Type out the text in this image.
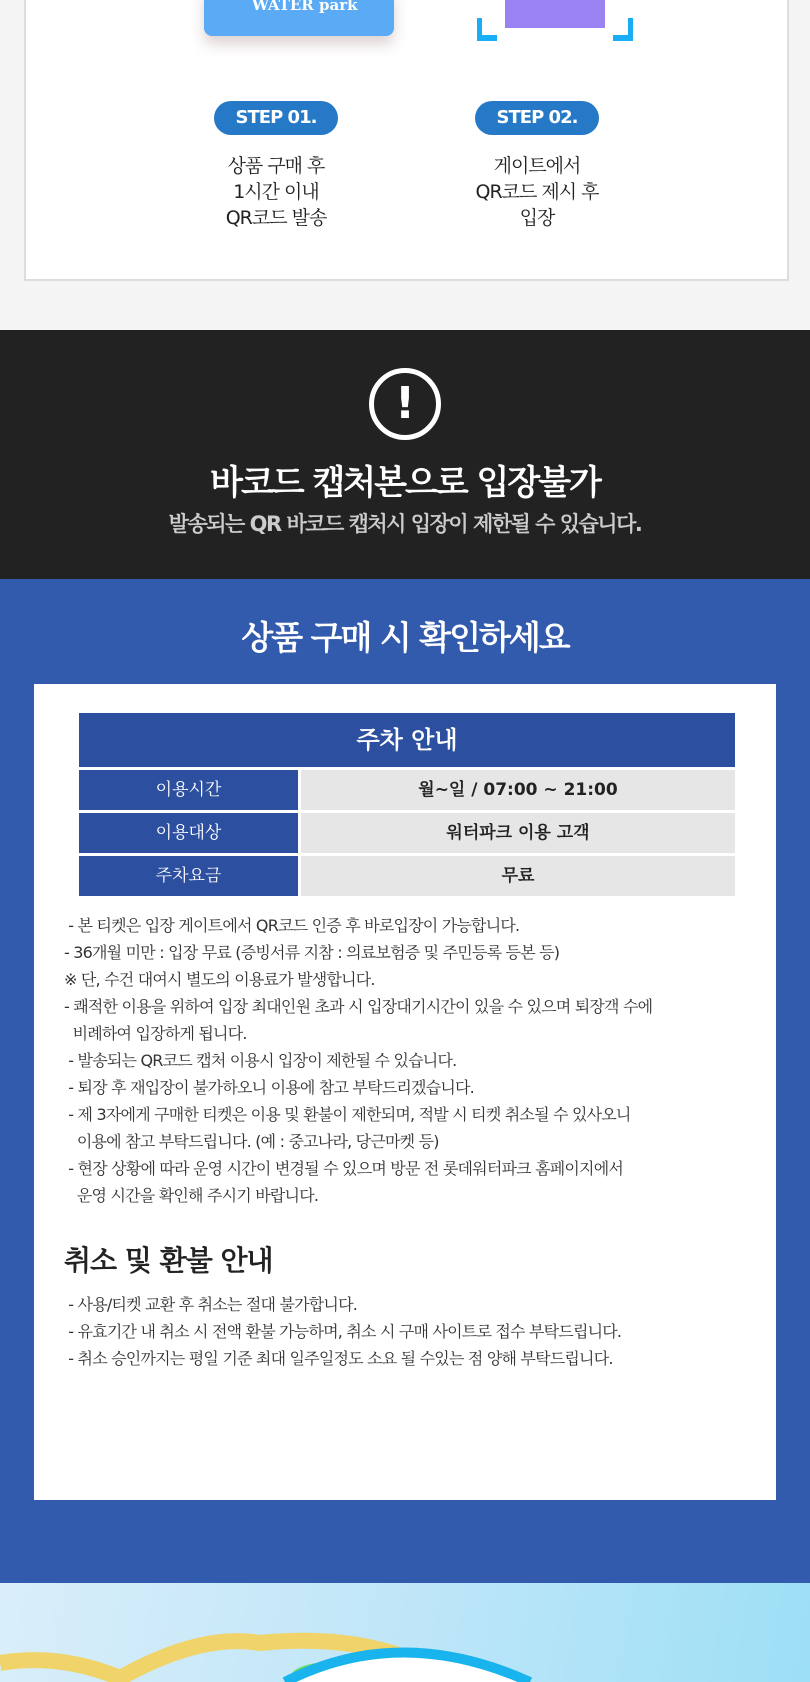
WATER park
STEP 01.
상품 구매 후
1시간 이내
QR코드 발송
STEP 02.
게이트에서
QR코드 제시 후
입장
!
바코드 캡처본으로 입장불가

발송되는 QR 바코드 캡처시 입장이 제한될 수 있습니다.

상품 구매 시 확인하세요
주차 안내
이용시간	월~일 / 07:00 ~ 21:00
이용대상	워터파크 이용 고객
주차요금	무료
- 본 티켓은 입장 게이트에서 QR코드 인증 후 바로입장이 가능합니다.
- 36개월 미만 : 입장 무료 (증빙서류 지참 : 의료보험증 및 주민등록 등본 등)
※ 단, 수건 대여시 별도의 이용료가 발생합니다.
- 쾌적한 이용을 위하여 입장 최대인원 초과 시 입장대기시간이 있을 수 있으며 퇴장객 수에
비례하여 입장하게 됩니다.
- 발송되는 QR코드 캡처 이용시 입장이 제한될 수 있습니다.
- 퇴장 후 재입장이 불가하오니 이용에 참고 부탁드리겠습니다.
- 제 3자에게 구매한 티켓은 이용 및 환불이 제한되며, 적발 시 티켓 취소될 수 있사오니
이용에 참고 부탁드립니다. (예 : 중고나라, 당근마켓 등)
- 현장 상황에 따라 운영 시간이 변경될 수 있으며 방문 전 롯데워터파크 홈페이지에서
운영 시간을 확인해 주시기 바랍니다.
취소 및 환불 안내
- 사용/티켓 교환 후 취소는 절대 불가합니다.
- 유효기간 내 취소 시 전액 환불 가능하며, 취소 시 구매 사이트로 접수 부탁드립니다.
- 취소 승인까지는 평일 기준 최대 일주일정도 소요 될 수있는 점 양해 부탁드립니다.
